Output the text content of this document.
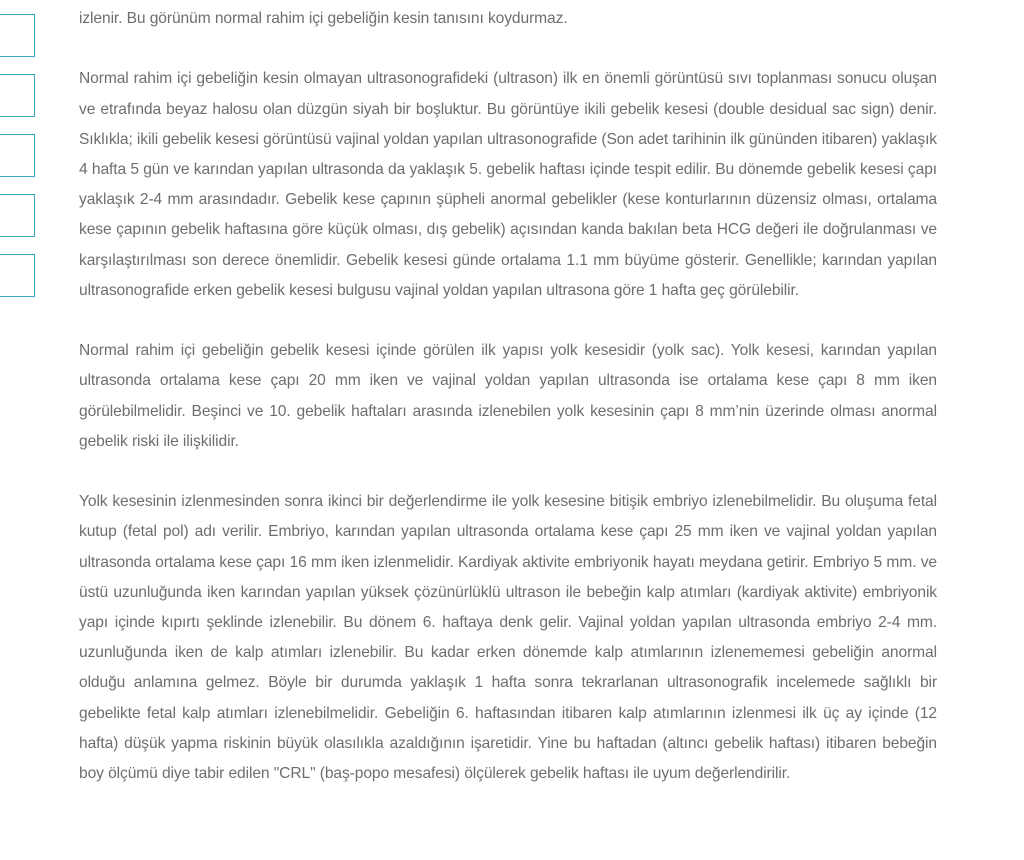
izlenir. Bu görünüm normal rahim içi gebeliğin kesin tanısını koydurmaz.

Normal rahim içi gebeliğin kesin olmayan ultrasonografideki (ultrason) ilk en önemli görüntüsü sıvı toplanması sonucu oluşan ve etrafında beyaz halosu olan düzgün siyah bir boşluktur. Bu görüntüye ikili gebelik kesesi (double desidual sac sign) denir. Sıklıkla; ikili gebelik kesesi görüntüsü vajinal yoldan yapılan ultrasonografide (Son adet tarihinin ilk gününden itibaren) yaklaşık 4 hafta 5 gün ve karından yapılan ultrasonda da yaklaşık 5. gebelik haftası içinde tespit edilir. Bu dönemde gebelik kesesi çapı yaklaşık 2-4 mm arasındadır. Gebelik kese çapının şüpheli anormal gebelikler (kese konturlarının düzensiz olması, ortalama kese çapının gebelik haftasına göre küçük olması, dış gebelik) açısından kanda bakılan beta HCG değeri ile doğrulanması ve karşılaştırılması son derece önemlidir. Gebelik kesesi günde ortalama 1.1 mm büyüme gösterir. Genellikle; karından yapılan ultrasonografide erken gebelik kesesi bulgusu vajinal yoldan yapılan ultrasona göre 1 hafta geç görülebilir.

Normal rahim içi gebeliğin gebelik kesesi içinde görülen ilk yapısı yolk kesesidir (yolk sac). Yolk kesesi, karından yapılan ultrasonda ortalama kese çapı 20 mm iken ve vajinal yoldan yapılan ultrasonda ise ortalama kese çapı 8 mm iken görülebilmelidir. Beşinci ve 10. gebelik haftaları arasında izlenebilen yolk kesesinin çapı 8 mm’nin üzerinde olması anormal gebelik riski ile ilişkilidir.

Yolk kesesinin izlenmesinden sonra ikinci bir değerlendirme ile yolk kesesine bitişik embriyo izlenebilmelidir. Bu oluşuma fetal kutup (fetal pol) adı verilir. Embriyo, karından yapılan ultrasonda ortalama kese çapı 25 mm iken ve vajinal yoldan yapılan ultrasonda ortalama kese çapı 16 mm iken izlenmelidir. Kardiyak aktivite embriyonik hayatı meydana getirir. Embriyo 5 mm. ve üstü uzunluğunda iken karından yapılan yüksek çözünürlüklü ultrason ile bebeğin kalp atımları (kardiyak aktivite) embriyonik yapı içinde kıpırtı şeklinde izlenebilir. Bu dönem 6. haftaya denk gelir. Vajinal yoldan yapılan ultrasonda embriyo 2-4 mm. uzunluğunda iken de kalp atımları izlenebilir. Bu kadar erken dönemde kalp atımlarının izlenememesi gebeliğin anormal olduğu anlamına gelmez. Böyle bir durumda yaklaşık 1 hafta sonra tekrarlanan ultrasonografik incelemede sağlıklı bir gebelikte fetal kalp atımları izlenebilmelidir. Gebeliğin 6. haftasından itibaren kalp atımlarının izlenmesi ilk üç ay içinde (12 hafta) düşük yapma riskinin büyük olasılıkla azaldığının işaretidir. Yine bu haftadan (altıncı gebelik haftası) itibaren bebeğin boy ölçümü diye tabir edilen "CRL" (baş-popo mesafesi) ölçülerek gebelik haftası ile uyum değerlendirilir.
